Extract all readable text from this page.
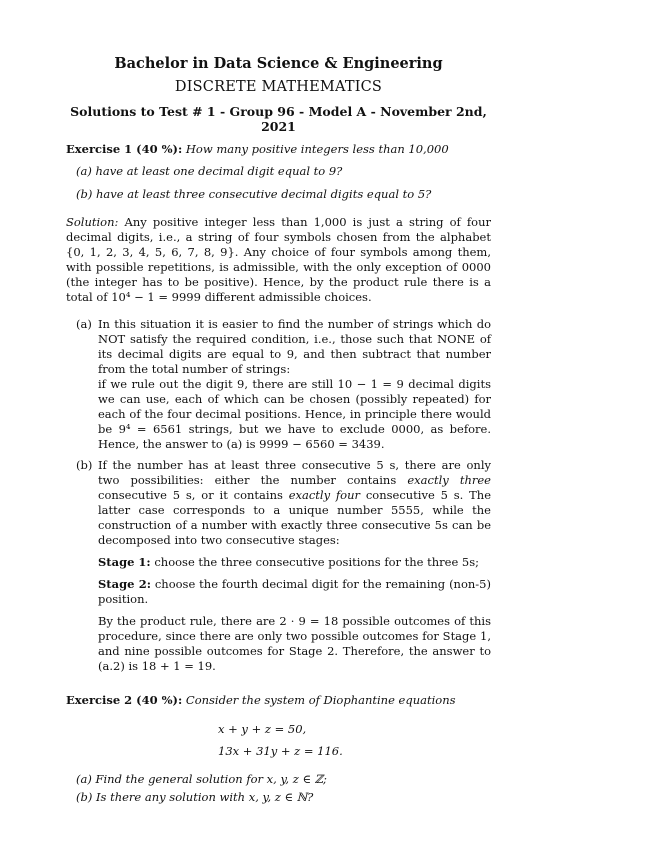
Bachelor in Data Science & Engineering
DISCRETE MATHEMATICS
Solutions to Test # 1 - Group 96 - Model A - November 2nd, 2021
Exercise 1 (40 %): How many positive integers less than 10,000
(a) have at least one decimal digit equal to 9?
(b) have at least three consecutive decimal digits equal to 5?
Solution: Any positive integer less than 1,000 is just a string of four decimal digits, i.e., a string of four symbols chosen from the alphabet {0, 1, 2, 3, 4, 5, 6, 7, 8, 9}. Any choice of four symbols among them, with possible repetitions, is admissible, with the only exception of 0000 (the integer has to be positive). Hence, by the product rule there is a total of 10⁴ − 1 = 9999 different admissible choices.
(a) In this situation it is easier to find the number of strings which do NOT satisfy the required condition, i.e., those such that NONE of its decimal digits are equal to 9, and then subtract that number from the total number of strings:

if we rule out the digit 9, there are still 10 − 1 = 9 decimal digits we can use, each of which can be chosen (possibly repeated) for each of the four decimal positions. Hence, in principle there would be 9⁴ = 6561 strings, but we have to exclude 0000, as before. Hence, the answer to (a) is 9999 − 6560 = 3439.

(b) If the number has at least three consecutive 5 s, there are only two possibilities: either the number contains exactly three consecutive 5 s, or it contains exactly four consecutive 5 s. The latter case corresponds to a unique number 5555, while the construction of a number with exactly three consecutive 5s can be decomposed into two consecutive stages:

Stage 1: choose the three consecutive positions for the three 5s;

Stage 2: choose the fourth decimal digit for the remaining (non-5) position.

By the product rule, there are 2 · 9 = 18 possible outcomes of this procedure, since there are only two possible outcomes for Stage 1, and nine possible outcomes for Stage 2. Therefore, the answer to (a.2) is 18 + 1 = 19.

Exercise 2 (40 %): Consider the system of Diophantine equations
x + y + z = 50,
13x + 31y + z = 116.
(a) Find the general solution for x, y, z ∈ ℤ;
(b) Is there any solution with x, y, z ∈ ℕ?
